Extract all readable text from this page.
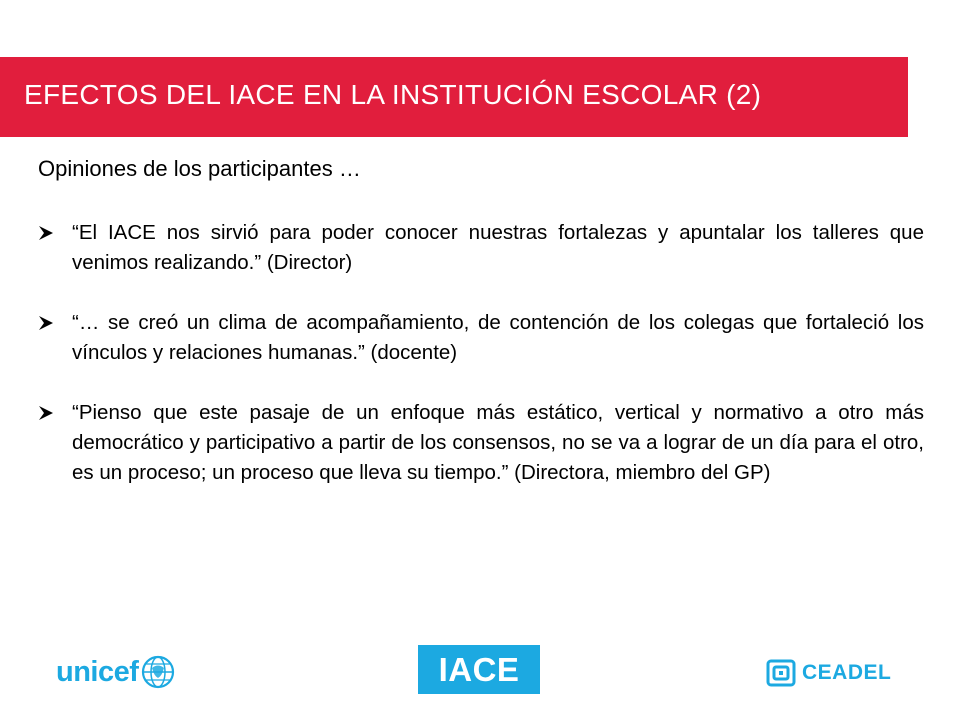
EFECTOS DEL IACE EN LA INSTITUCIÓN ESCOLAR (2)
Opiniones de los participantes …
“El IACE nos sirvió para poder conocer nuestras fortalezas y apuntalar los talleres que venimos realizando.” (Director)
“… se creó un clima de acompañamiento, de contención de los colegas que fortaleció los vínculos y relaciones humanas.” (docente)
“Pienso que este pasaje de un enfoque más estático, vertical y normativo a otro más democrático y participativo a partir de los consensos, no se va a lograr de un día para el otro, es un proceso; un proceso que lleva su tiempo.” (Directora, miembro del GP)
unicef	IACE	CEADEL
